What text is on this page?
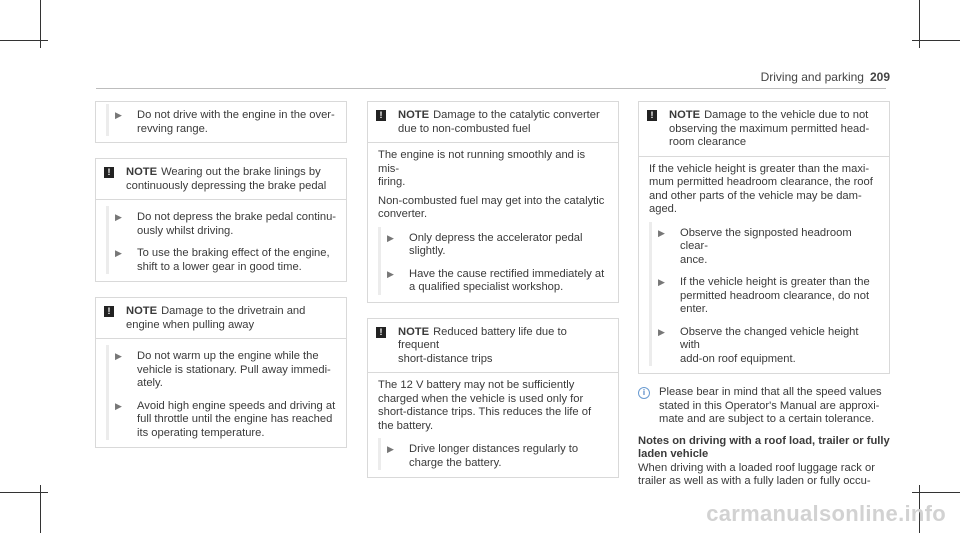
Driving and parking 209
▶	Do not drive with the engine in the over-
revving range.
!	NOTE Wearing out the brake linings by
continuously depressing the brake pedal
▶	Do not depress the brake pedal continu-
ously whilst driving.
▶	To use the braking effect of the engine,
shift to a lower gear in good time.
!	NOTE Damage to the drivetrain and
engine when pulling away
▶	Do not warm up the engine while the
vehicle is stationary. Pull away immedi-
ately.
▶	Avoid high engine speeds and driving at
full throttle until the engine has reached
its operating temperature.
!	NOTE Damage to the catalytic converter
due to non-combusted fuel

The engine is not running smoothly and is mis-
firing.

Non-combusted fuel may get into the catalytic
converter.

▶	Only depress the accelerator pedal
slightly.
▶	Have the cause rectified immediately at
a qualified specialist workshop.
!	NOTE Reduced battery life due to frequent
short-distance trips

The 12 V battery may not be sufficiently
charged when the vehicle is used only for
short-distance trips. This reduces the life of
the battery.

▶	Drive longer distances regularly to
charge the battery.
!	NOTE Damage to the vehicle due to not
observing the maximum permitted head-
room clearance

If the vehicle height is greater than the maxi-
mum permitted headroom clearance, the roof
and other parts of the vehicle may be dam-
aged.

▶	Observe the signposted headroom clear-
ance.
▶	If the vehicle height is greater than the
permitted headroom clearance, do not
enter.
▶	Observe the changed vehicle height with
add-on roof equipment.
i	Please bear in mind that all the speed values
stated in this Operator's Manual are approxi-
mate and are subject to a certain tolerance.
Notes on driving with a roof load, trailer or fully
laden vehicle
When driving with a loaded roof luggage rack or
trailer as well as with a fully laden or fully occu-
carmanualsonline.info
